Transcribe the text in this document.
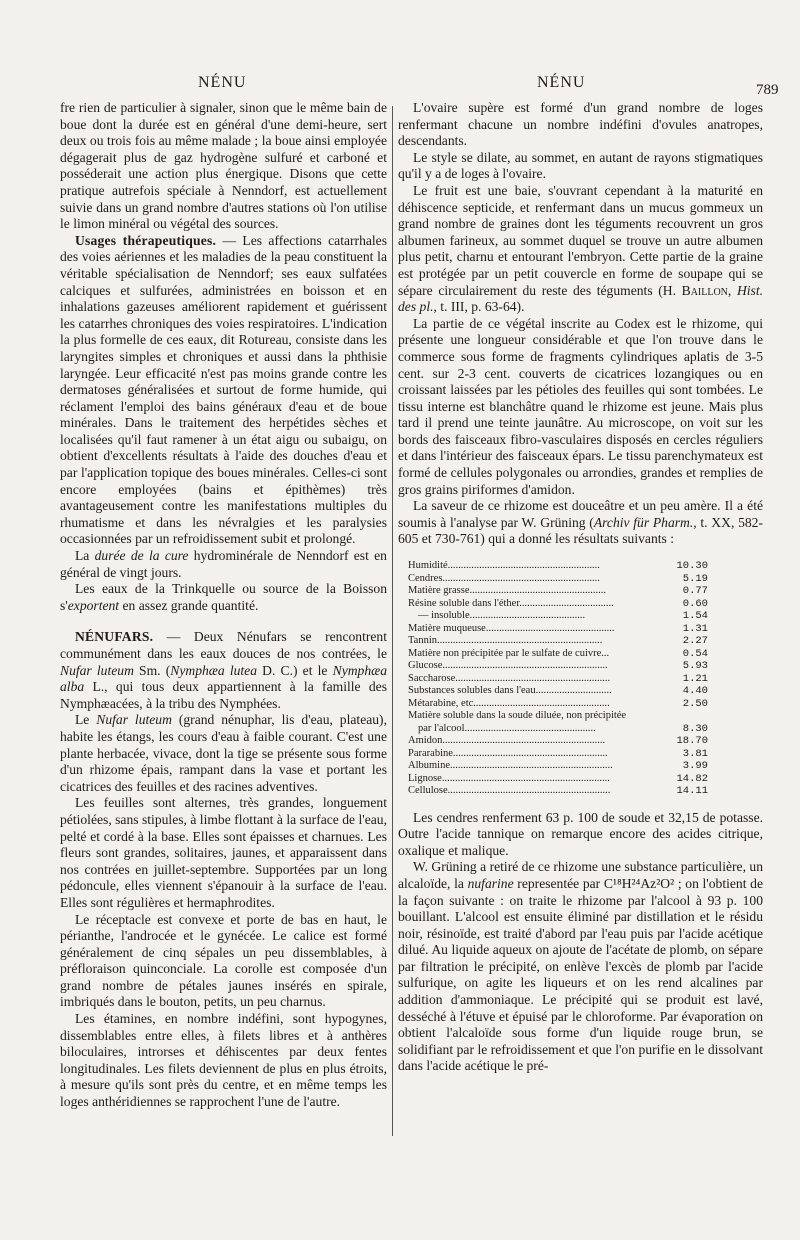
NÉNU	NÉNU	789

fre rien de particulier à signaler, sinon que le même bain de boue dont la durée est en général d'une demi-heure, sert deux ou trois fois au même malade ; la boue ainsi employée dégagerait plus de gaz hydrogène sulfuré et carboné et posséderait une action plus énergique. Disons que cette pratique autrefois spéciale à Nenndorf, est actuellement suivie dans un grand nombre d'autres stations où l'on utilise le limon minéral ou végétal des sources.

Usages thérapeutiques. — Les affections catarrhales des voies aériennes et les maladies de la peau constituent la véritable spécialisation de Nenndorf; ses eaux sulfatées calciques et sulfurées, administrées en boisson et en inhalations gazeuses améliorent rapidement et guérissent les catarrhes chroniques des voies respiratoires. L'indication la plus formelle de ces eaux, dit Rotureau, consiste dans les laryngites simples et chroniques et aussi dans la phthisie laryngée. Leur efficacité n'est pas moins grande contre les dermatoses généralisées et surtout de forme humide, qui réclament l'emploi des bains généraux d'eau et de boue minérales. Dans le traitement des herpétides sèches et localisées qu'il faut ramener à un état aigu ou subaigu, on obtient d'excellents résultats à l'aide des douches d'eau et par l'application topique des boues minérales. Celles-ci sont encore employées (bains et épithèmes) très avantageusement contre les manifestations multiples du rhumatisme et dans les névralgies et les paralysies occasionnées par un refroidissement subit et prolongé.

La durée de la cure hydrominérale de Nenndorf est en général de vingt jours.

Les eaux de la Trinkquelle ou source de la Boisson s'exportent en assez grande quantité.

NÉNUFARS. — Deux Nénufars se rencontrent communément dans les eaux douces de nos contrées, le Nufar luteum Sm. (Nymphæa lutea D. C.) et le Nymphæa alba L., qui tous deux appartiennent à la famille des Nymphæacées, à la tribu des Nymphées.

Le Nufar luteum (grand nénuphar, lis d'eau, plateau), habite les étangs, les cours d'eau à faible courant. C'est une plante herbacée, vivace, dont la tige se présente sous forme d'un rhizome épais, rampant dans la vase et portant les cicatrices des feuilles et des racines adventives.

Les feuilles sont alternes, très grandes, longuement pétiolées, sans stipules, à limbe flottant à la surface de l'eau, pelté et cordé à la base. Elles sont épaisses et charnues. Les fleurs sont grandes, solitaires, jaunes, et apparaissent dans nos contrées en juillet-septembre. Supportées par un long pédoncule, elles viennent s'épanouir à la surface de l'eau. Elles sont régulières et hermaphrodites.

Le réceptacle est convexe et porte de bas en haut, le périanthe, l'androcée et le gynécée. Le calice est formé généralement de cinq sépales un peu dissemblables, à préfloraison quinconciale. La corolle est composée d'un grand nombre de pétales jaunes insérés en spirale, imbriqués dans le bouton, petits, un peu charnus.

Les étamines, en nombre indéfini, sont hypogynes, dissemblables entre elles, à filets libres et à anthères biloculaires, introrses et déhiscentes par deux fentes longitudinales. Les filets deviennent de plus en plus étroits, à mesure qu'ils sont près du centre, et en même temps les loges anthéridiennes se rapprochent l'une de l'autre.

L'ovaire supère est formé d'un grand nombre de loges renfermant chacune un nombre indéfini d'ovules anatropes, descendants.

Le style se dilate, au sommet, en autant de rayons stigmatiques qu'il y a de loges à l'ovaire.

Le fruit est une baie, s'ouvrant cependant à la maturité en déhiscence septicide, et renfermant dans un mucus gommeux un grand nombre de graines dont les téguments recouvrent un gros albumen farineux, au sommet duquel se trouve un autre albumen plus petit, charnu et entourant l'embryon. Cette partie de la graine est protégée par un petit couvercle en forme de soupape qui se sépare circulairement du reste des téguments (H. Baillon, Hist. des pl., t. III, p. 63-64).

La partie de ce végétal inscrite au Codex est le rhizome, qui présente une longueur considérable et que l'on trouve dans le commerce sous forme de fragments cylindriques aplatis de 3-5 cent. sur 2-3 cent. couverts de cicatrices lozangiques ou en croissant laissées par les pétioles des feuilles qui sont tombées. Le tissu interne est blanchâtre quand le rhizome est jeune. Mais plus tard il prend une teinte jaunâtre. Au microscope, on voit sur les bords des faisceaux fibro-vasculaires disposés en cercles réguliers et dans l'intérieur des faisceaux épars. Le tissu parenchymateux est formé de cellules polygonales ou arrondies, grandes et remplies de gros grains piriformes d'amidon.

La saveur de ce rhizome est douceâtre et un peu amère. Il a été soumis à l'analyse par W. Grüning (Archiv für Pharm., t. XX, 582-605 et 730-761) qui a donné les résultats suivants :

Humidité..........................................................	10.30
Cendres............................................................	5.19
Matière grasse....................................................	0.77
Résine soluble dans l'éther....................................	0.60
— insoluble............................................	1.54
Matière muqueuse.................................................	1.31
Tannin...............................................................	2.27
Matière non précipitée par le sulfate de cuivre...	0.54
Glucose...............................................................	5.93
Saccharose...........................................................	1.21
Substances solubles dans l'eau.............................	4.40
Métarabine, etc....................................................	2.50
Matière soluble dans la soude diluée, non précipitée	
par l'alcool..................................................	8.30
Amidon..............................................................	18.70
Pararabine...........................................................	3.81
Albumine..............................................................	3.99
Lignose................................................................	14.82
Cellulose..............................................................	14.11

Les cendres renferment 63 p. 100 de soude et 32,15 de potasse. Outre l'acide tannique on remarque encore des acides citrique, oxalique et malique.

W. Grüning a retiré de ce rhizome une substance particulière, un alcaloïde, la nufarine representée par C¹⁸H²⁴Az²O² ; on l'obtient de la façon suivante : on traite le rhizome par l'alcool à 93 p. 100 bouillant. L'alcool est ensuite éliminé par distillation et le résidu noir, résinoïde, est traité d'abord par l'eau puis par l'acide acétique dilué. Au liquide aqueux on ajoute de l'acétate de plomb, on sépare par filtration le précipité, on enlève l'excès de plomb par l'acide sulfurique, on agite les liqueurs et on les rend alcalines par addition d'ammoniaque. Le précipité qui se produit est lavé, desséché à l'étuve et épuisé par le chloroforme. Par évaporation on obtient l'alcaloïde sous forme d'un liquide rouge brun, se solidifiant par le refroidissement et que l'on purifie en le dissolvant dans l'acide acétique le pré-
